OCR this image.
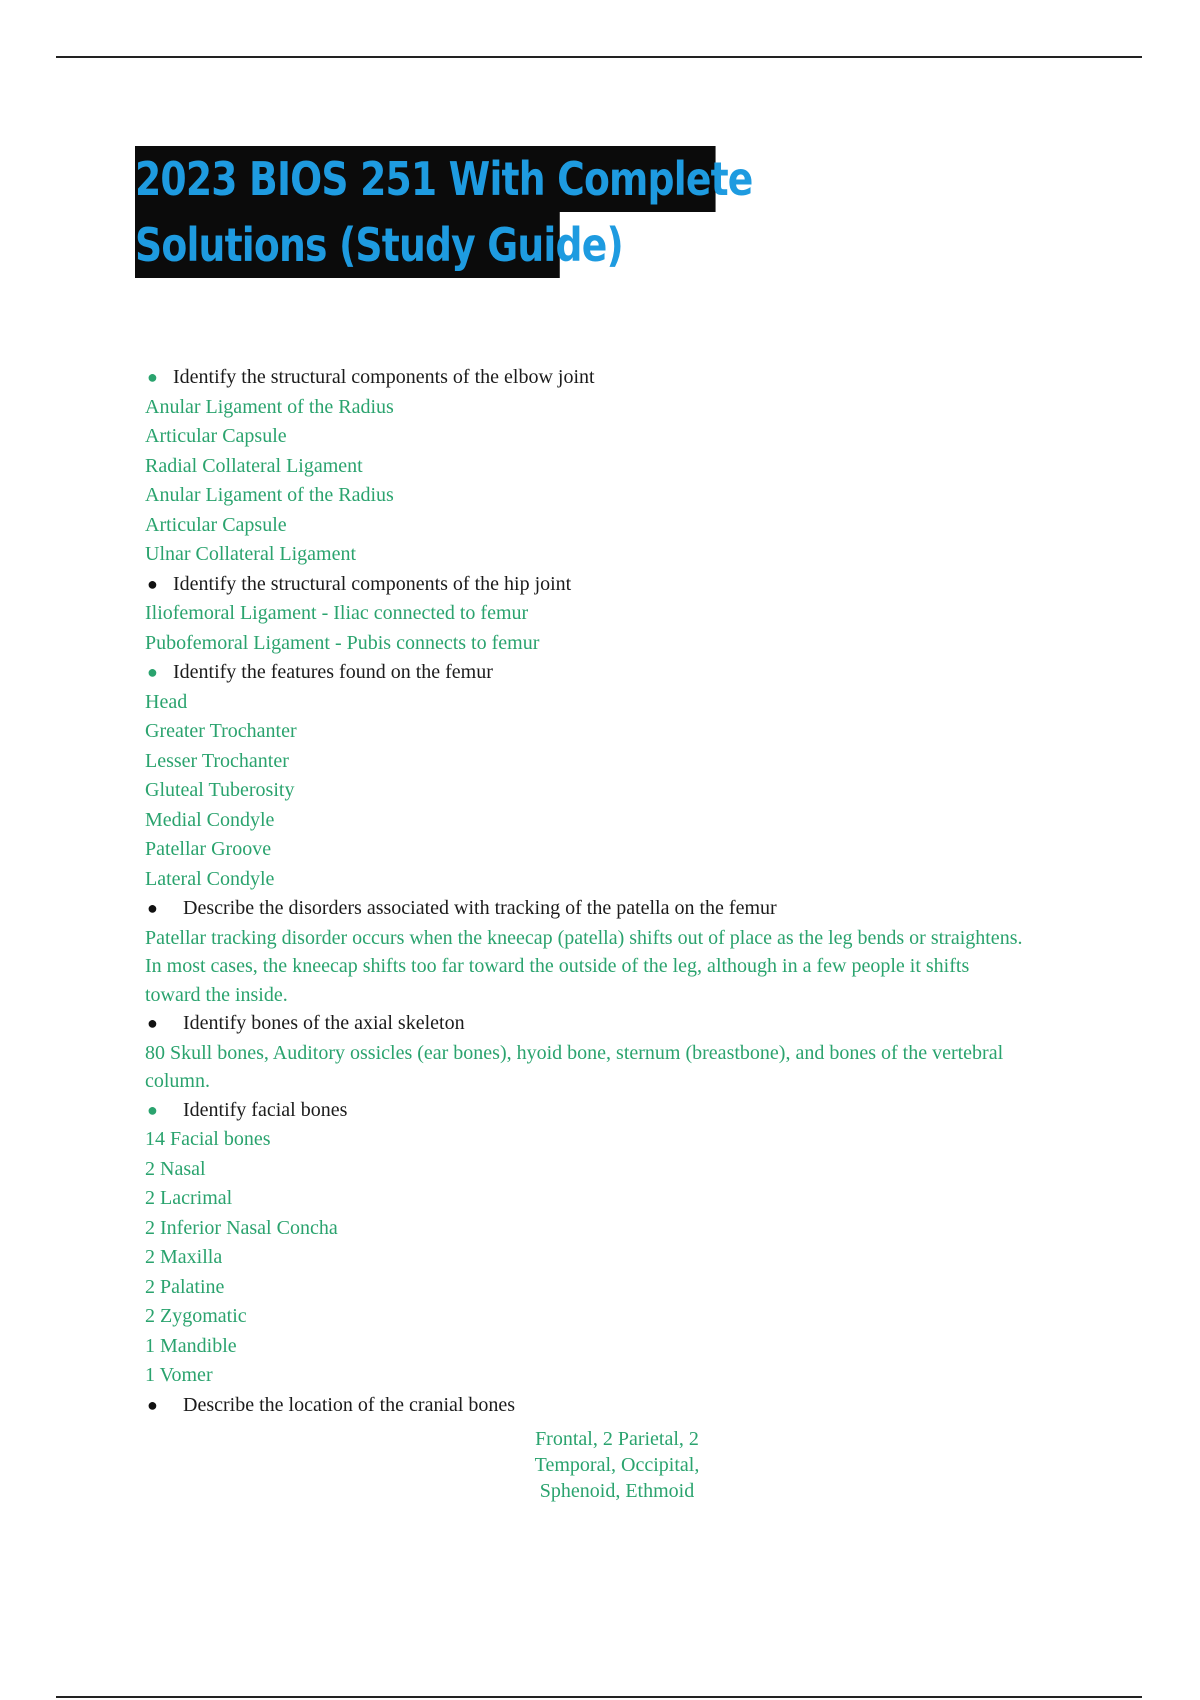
2023 BIOS 251 With Complete
Solutions (Study Guide)
● Identify the structural components of the elbow joint
Anular Ligament of the Radius
Articular Capsule
Radial Collateral Ligament
Anular Ligament of the Radius
Articular Capsule
Ulnar Collateral Ligament
● Identify the structural components of the hip joint
Iliofemoral Ligament - Iliac connected to femur
Pubofemoral Ligament - Pubis connects to femur
● Identify the features found on the femur
Head
Greater Trochanter
Lesser Trochanter
Gluteal Tuberosity
Medial Condyle
Patellar Groove
Lateral Condyle
● Describe the disorders associated with tracking of the patella on the femur
Patellar tracking disorder occurs when the kneecap (patella) shifts out of place as the leg bends or straightens. In most cases, the kneecap shifts too far toward the outside of the leg, although in a few people it shifts toward the inside.
● Identify bones of the axial skeleton
80 Skull bones, Auditory ossicles (ear bones), hyoid bone, sternum (breastbone), and bones of the vertebral column.
● Identify facial bones
14 Facial bones
2 Nasal
2 Lacrimal
2 Inferior Nasal Concha
2 Maxilla
2 Palatine
2 Zygomatic
1 Mandible
1 Vomer
● Describe the location of the cranial bones
Frontal, 2 Parietal, 2
Temporal, Occipital,
Sphenoid, Ethmoid
